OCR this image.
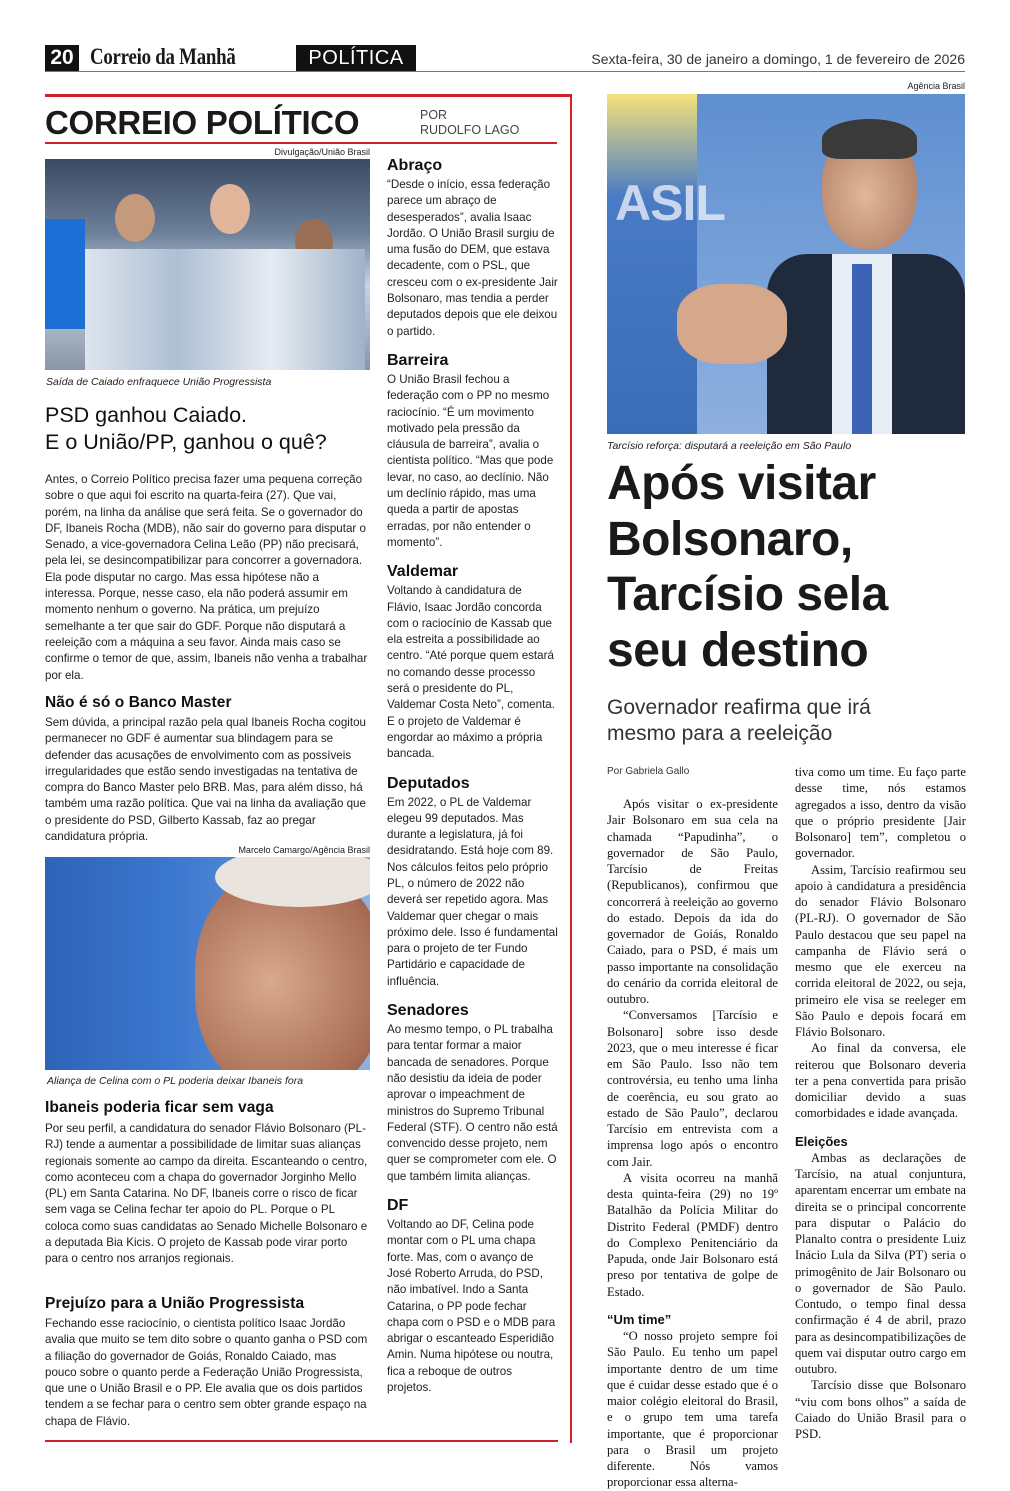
20 Correio da Manhã	POLÍTICA	Sexta-feira, 30 de janeiro a domingo, 1 de fevereiro de 2026
CORREIO POLÍTICO	POR
RUDOLFO LAGO
Divulgação/União Brasil
Saída de Caiado enfraquece União Progressista
PSD ganhou Caiado.
E o União/PP, ganhou o quê?
Antes, o Correio Político precisa fazer uma pequena correção sobre o que aqui foi escrito na quarta-feira (27). Que vai, porém, na linha da análise que será feita. Se o governador do DF, Ibaneis Rocha (MDB), não sair do governo para disputar o Senado, a vice-governadora Celina Leão (PP) não precisará, pela lei, se desincompatibilizar para concorrer a governadora. Ela pode disputar no cargo. Mas essa hipótese não a interessa. Porque, nesse caso, ela não poderá assumir em momento nenhum o governo. Na prática, um prejuízo semelhante a ter que sair do GDF. Porque não disputará a reeleição com a máquina a seu favor. Ainda mais caso se confirme o temor de que, assim, Ibaneis não venha a trabalhar por ela.
Não é só o Banco Master
Sem dúvida, a principal razão pela qual Ibaneis Rocha cogitou permanecer no GDF é aumentar sua blindagem para se defender das acusações de envolvimento com as possíveis irregularidades que estão sendo investigadas na tentativa de compra do Banco Master pelo BRB. Mas, para além disso, há também uma razão política. Que vai na linha da avaliação que o presidente do PSD, Gilberto Kassab, faz ao pregar candidatura própria.
Marcelo Camargo/Agência Brasil
Aliança de Celina com o PL poderia deixar Ibaneis fora
Ibaneis poderia ficar sem vaga
Por seu perfil, a candidatura do senador Flávio Bolsonaro (PL-RJ) tende a aumentar a possibilidade de limitar suas alianças regionais somente ao campo da direita. Escanteando o centro, como aconteceu com a chapa do governador Jorginho Mello (PL) em Santa Catarina. No DF, Ibaneis corre o risco de ficar sem vaga se Celina fechar ter apoio do PL. Porque o PL coloca como suas candidatas ao Senado Michelle Bolsonaro e a deputada Bia Kicis. O projeto de Kassab pode virar porto para o centro nos arranjos regionais.
Prejuízo para a União Progressista
Fechando esse raciocínio, o cientista político Isaac Jordão avalia que muito se tem dito sobre o quanto ganha o PSD com a filiação do governador de Goiás, Ronaldo Caiado, mas pouco sobre o quanto perde a Federação União Progressista, que une o União Brasil e o PP. Ele avalia que os dois partidos tendem a se fechar para o centro sem obter grande espaço na chapa de Flávio.
Abraço
“Desde o início, essa federação parece um abraço de desesperados”, avalia Isaac Jordão. O União Brasil surgiu de uma fusão do DEM, que estava decadente, com o PSL, que cresceu com o ex-presidente Jair Bolsonaro, mas tendia a perder deputados depois que ele deixou o partido.
Barreira
O União Brasil fechou a federação com o PP no mesmo raciocínio. “É um movimento motivado pela pressão da cláusula de barreira”, avalia o cientista político. “Mas que pode levar, no caso, ao declínio. Não um declínio rápido, mas uma queda a partir de apostas erradas, por não entender o momento”.
Valdemar
Voltando à candidatura de Flávio, Isaac Jordão concorda com o raciocínio de Kassab que ela estreita a possibilidade ao centro. “Até porque quem estará no comando desse processo será o presidente do PL, Valdemar Costa Neto”, comenta. E o projeto de Valdemar é engordar ao máximo a própria bancada.
Deputados
Em 2022, o PL de Valdemar elegeu 99 deputados. Mas durante a legislatura, já foi desidratando. Está hoje com 89. Nos cálculos feitos pelo próprio PL, o número de 2022 não deverá ser repetido agora. Mas Valdemar quer chegar o mais próximo dele. Isso é fundamental para o projeto de ter Fundo Partidário e capacidade de influência.
Senadores
Ao mesmo tempo, o PL trabalha para tentar formar a maior bancada de senadores. Porque não desistiu da ideia de poder aprovar o impeachment de ministros do Supremo Tribunal Federal (STF). O centro não está convencido desse projeto, nem quer se comprometer com ele. O que também limita alianças.
DF
Voltando ao DF, Celina pode montar com o PL uma chapa forte. Mas, com o avanço de José Roberto Arruda, do PSD, não imbatível. Indo a Santa Catarina, o PP pode fechar chapa com o PSD e o MDB para abrigar o escanteado Esperidião Amin. Numa hipótese ou noutra, fica a reboque de outros projetos.
Agência Brasil
ASIL
Tarcísio reforça: disputará a reeleição em São Paulo
Após visitar
Bolsonaro,
Tarcísio sela
seu destino
Governador reafirma que irá
mesmo para a reeleição
Por Gabriela Gallo

Após visitar o ex-presidente Jair Bolsonaro em sua cela na chamada “Papudinha”, o governador de São Paulo, Tarcísio de Freitas (Republicanos), confirmou que concorrerá à reeleição ao governo do estado. Depois da ida do governador de Goiás, Ronaldo Caiado, para o PSD, é mais um passo importante na consolidação do cenário da corrida eleitoral de outubro.

“Conversamos [Tarcísio e Bolsonaro] sobre isso desde 2023, que o meu interesse é ficar em São Paulo. Isso não tem controvérsia, eu tenho uma linha de coerência, eu sou grato ao estado de São Paulo”, declarou Tarcísio em entrevista com a imprensa logo após o encontro com Jair.

A visita ocorreu na manhã desta quinta-feira (29) no 19º Batalhão da Polícia Militar do Distrito Federal (PMDF) dentro do Complexo Penitenciário da Papuda, onde Jair Bolsonaro está preso por tentativa de golpe de Estado.

“Um time”

“O nosso projeto sempre foi São Paulo. Eu tenho um papel importante dentro de um time que é cuidar desse estado que é o maior colégio eleitoral do Brasil, e o grupo tem uma tarefa importante, que é proporcionar para o Brasil um projeto diferente. Nós vamos proporcionar essa alterna-

tiva como um time. Eu faço parte desse time, nós estamos agregados a isso, dentro da visão que o próprio presidente [Jair Bolsonaro] tem”, completou o governador.

Assim, Tarcísio reafirmou seu apoio à candidatura a presidência do senador Flávio Bolsonaro (PL-RJ). O governador de São Paulo destacou que seu papel na campanha de Flávio será o mesmo que ele exerceu na corrida eleitoral de 2022, ou seja, primeiro ele visa se reeleger em São Paulo e depois focará em Flávio Bolsonaro.

Ao final da conversa, ele reiterou que Bolsonaro deveria ter a pena convertida para prisão domiciliar devido a suas comorbidades e idade avançada.

Eleições

Ambas as declarações de Tarcísio, na atual conjuntura, aparentam encerrar um embate na direita se o principal concorrente para disputar o Palácio do Planalto contra o presidente Luiz Inácio Lula da Silva (PT) seria o primogênito de Jair Bolsonaro ou o governador de São Paulo. Contudo, o tempo final dessa confirmação é 4 de abril, prazo para as desincompatibilizações de quem vai disputar outro cargo em outubro.

Tarcísio disse que Bolsonaro “viu com bons olhos” a saída de Caiado do União Brasil para o PSD.
